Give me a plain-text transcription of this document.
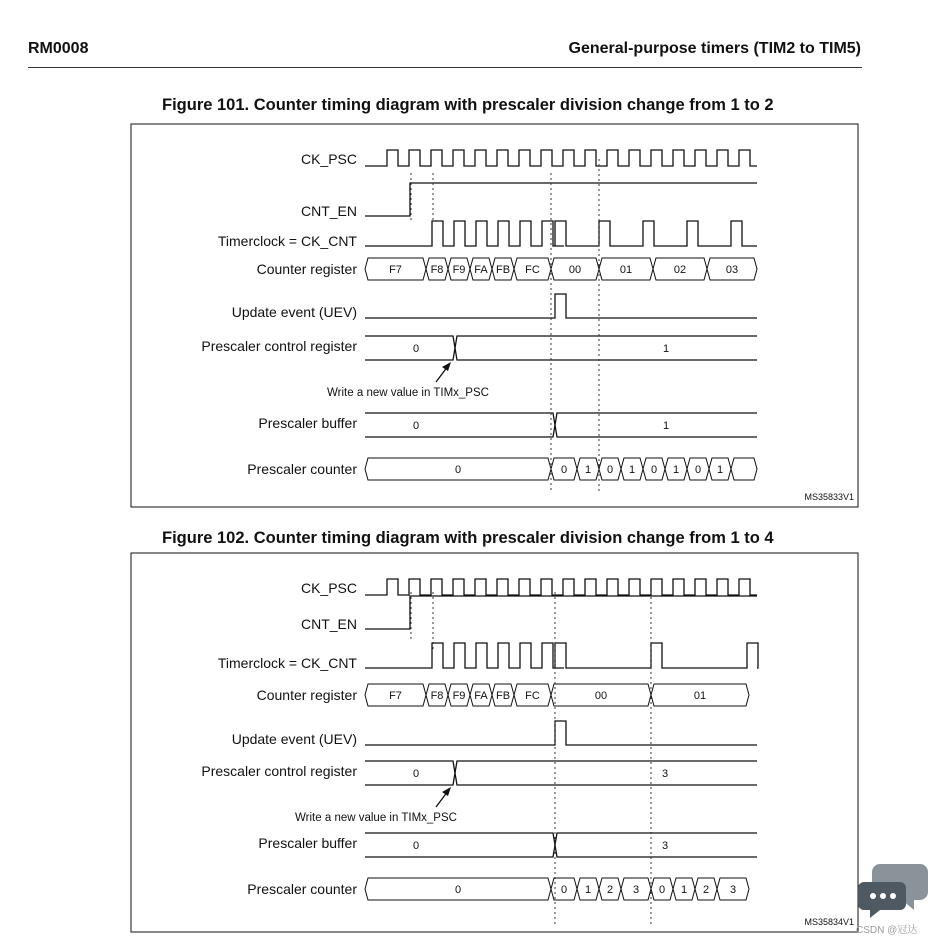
RM0008	General-purpose timers (TIM2 to TIM5)
Figure 101. Counter timing diagram with prescaler division change from 1 to 2
CK_PSC
CNT_EN
Timerclock = CK_CNT
Counter register
Update event (UEV)
Prescaler control register
Prescaler buffer
Prescaler counter
F7	F8 F9 FA FB FC	00	01	02	03
0	1
Write a new value in TIMx_PSC
0	1
0	0 1 0 1 0 1 0 1
MS35833V1
Figure 102. Counter timing diagram with prescaler division change from 1 to 4
CK_PSC
CNT_EN
Timerclock = CK_CNT
Counter register
Update event (UEV)
Prescaler control register
Prescaler buffer
Prescaler counter
F7	F8 F9 FA FB FC	00	01
0	3
Write a new value in TIMx_PSC
0	3
0	0 1 2 3 0 1 2 3
MS35834V1
CSDN @冠达
